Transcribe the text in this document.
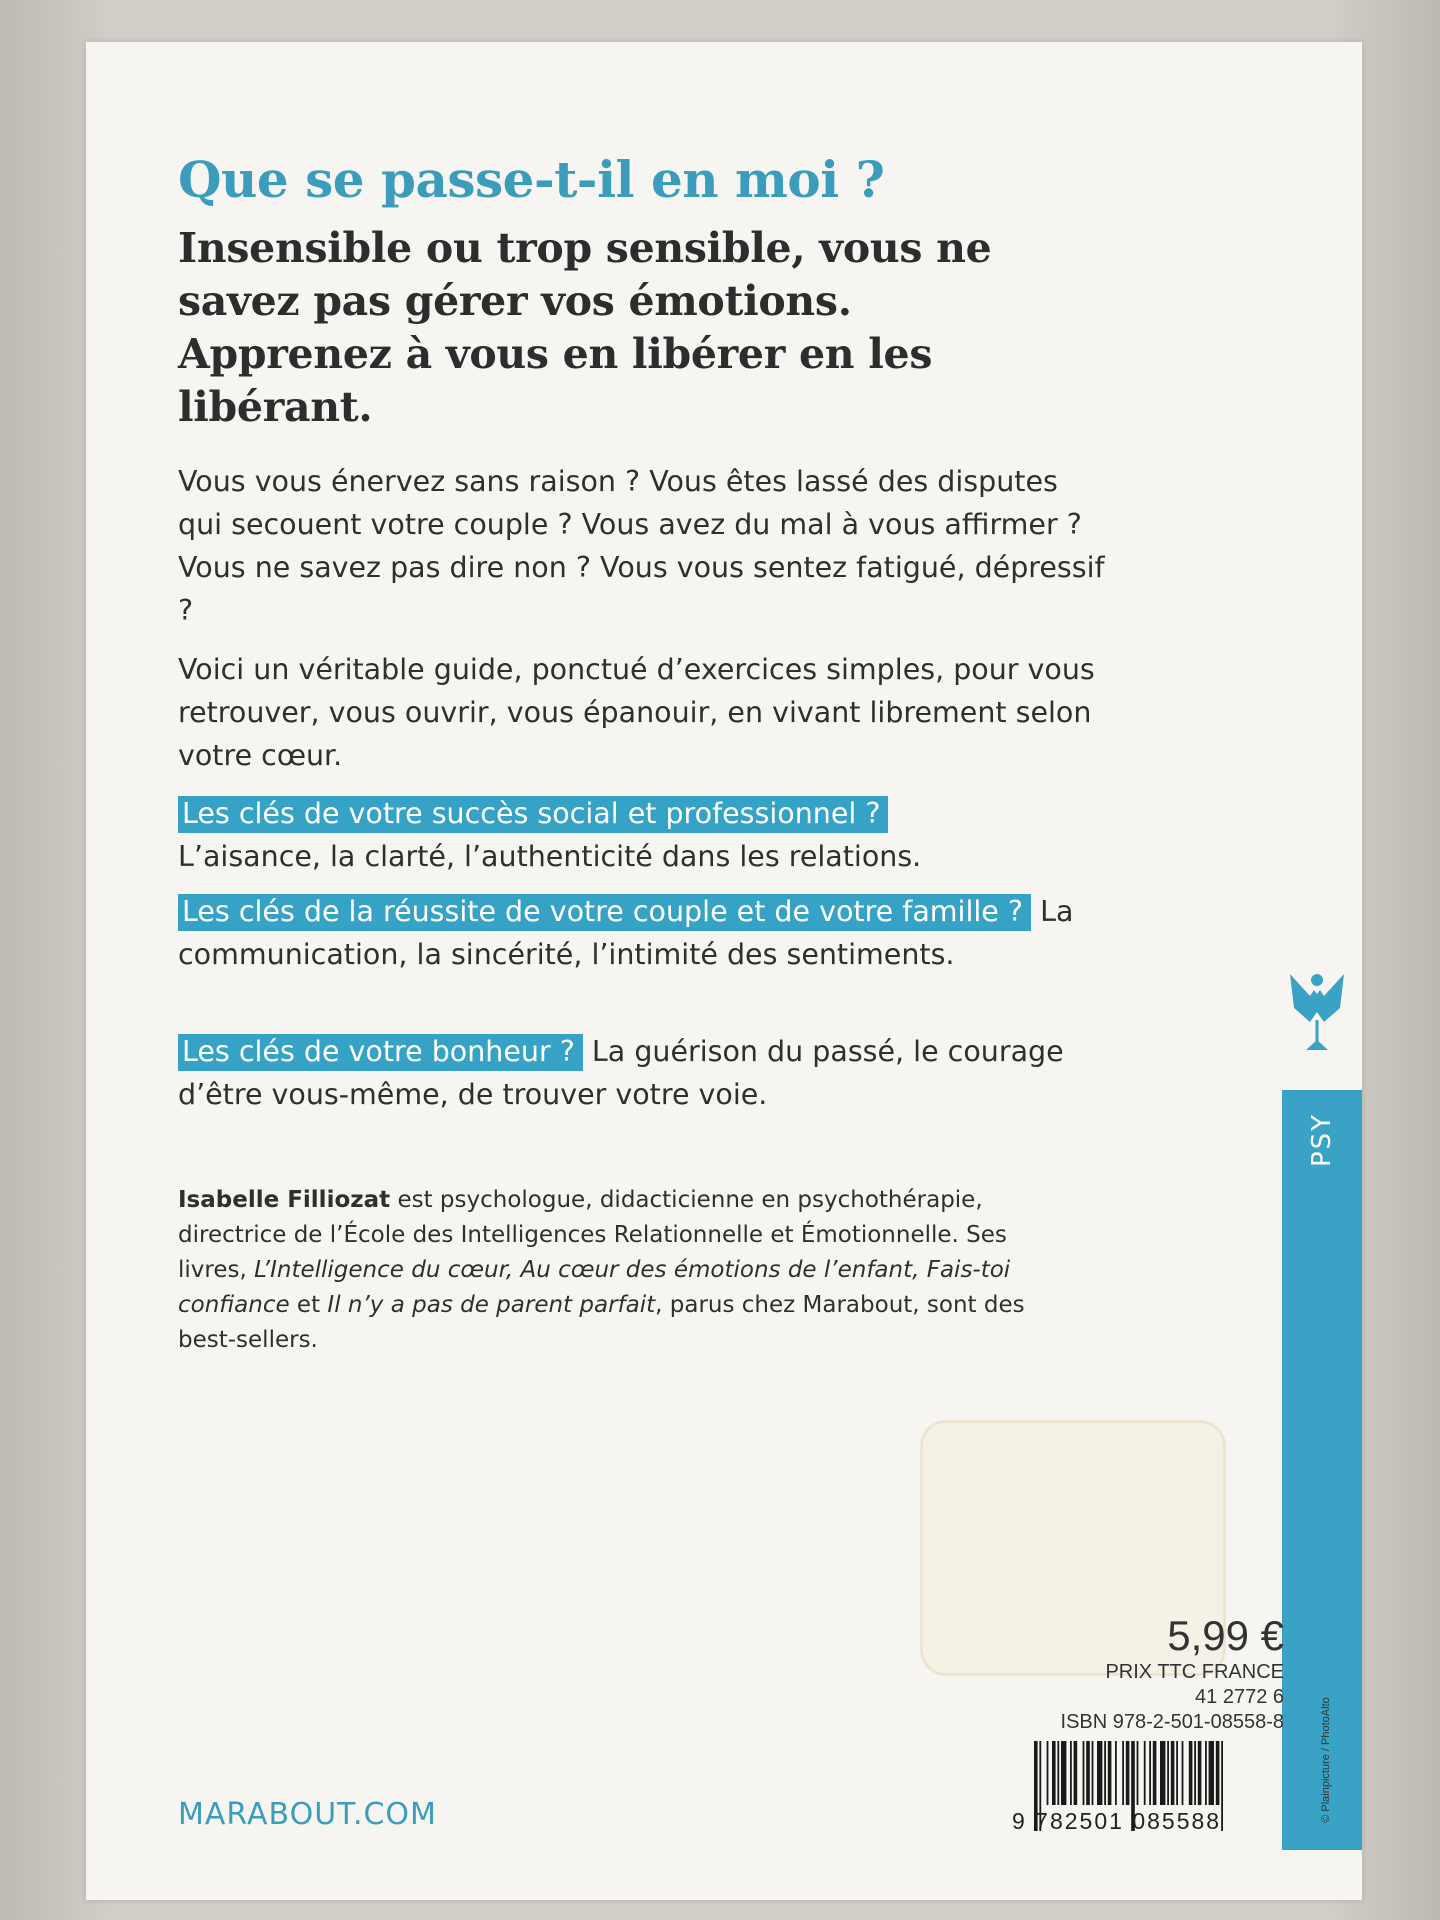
Que se passe-t-il en moi ?
Insensible ou trop sensible, vous ne savez pas gérer vos émotions. Apprenez à vous en libérer en les libérant.

Vous vous énervez sans raison ? Vous êtes lassé des disputes qui secouent votre couple ? Vous avez du mal à vous affirmer ? Vous ne savez pas dire non ? Vous vous sentez fatigué, dépressif ?

Voici un véritable guide, ponctué d’exercices simples, pour vous retrouver, vous ouvrir, vous épanouir, en vivant librement selon votre cœur.

Les clés de votre succès social et professionnel ?
L’aisance, la clarté, l’authenticité dans les relations.

Les clés de la réussite de votre couple et de votre famille ? La communication, la sincérité, l’intimité des sentiments.

Les clés de votre bonheur ? La guérison du passé, le courage d’être vous-même, de trouver votre voie.

Isabelle Filliozat est psychologue, didacticienne en psychothérapie, directrice de l’École des Intelligences Relationnelle et Émotionnelle. Ses livres, L’Intelligence du cœur, Au cœur des émotions de l’enfant, Fais-toi confiance et Il n’y a pas de parent parfait, parus chez Marabout, sont des best-sellers.

PSY

5,99 €

PRIX TTC FRANCE
41 2772 6
ISBN 978-2-501-08558-8

9 782501 085588

MARABOUT.COM	© Plainpicture / PhotoAlto
